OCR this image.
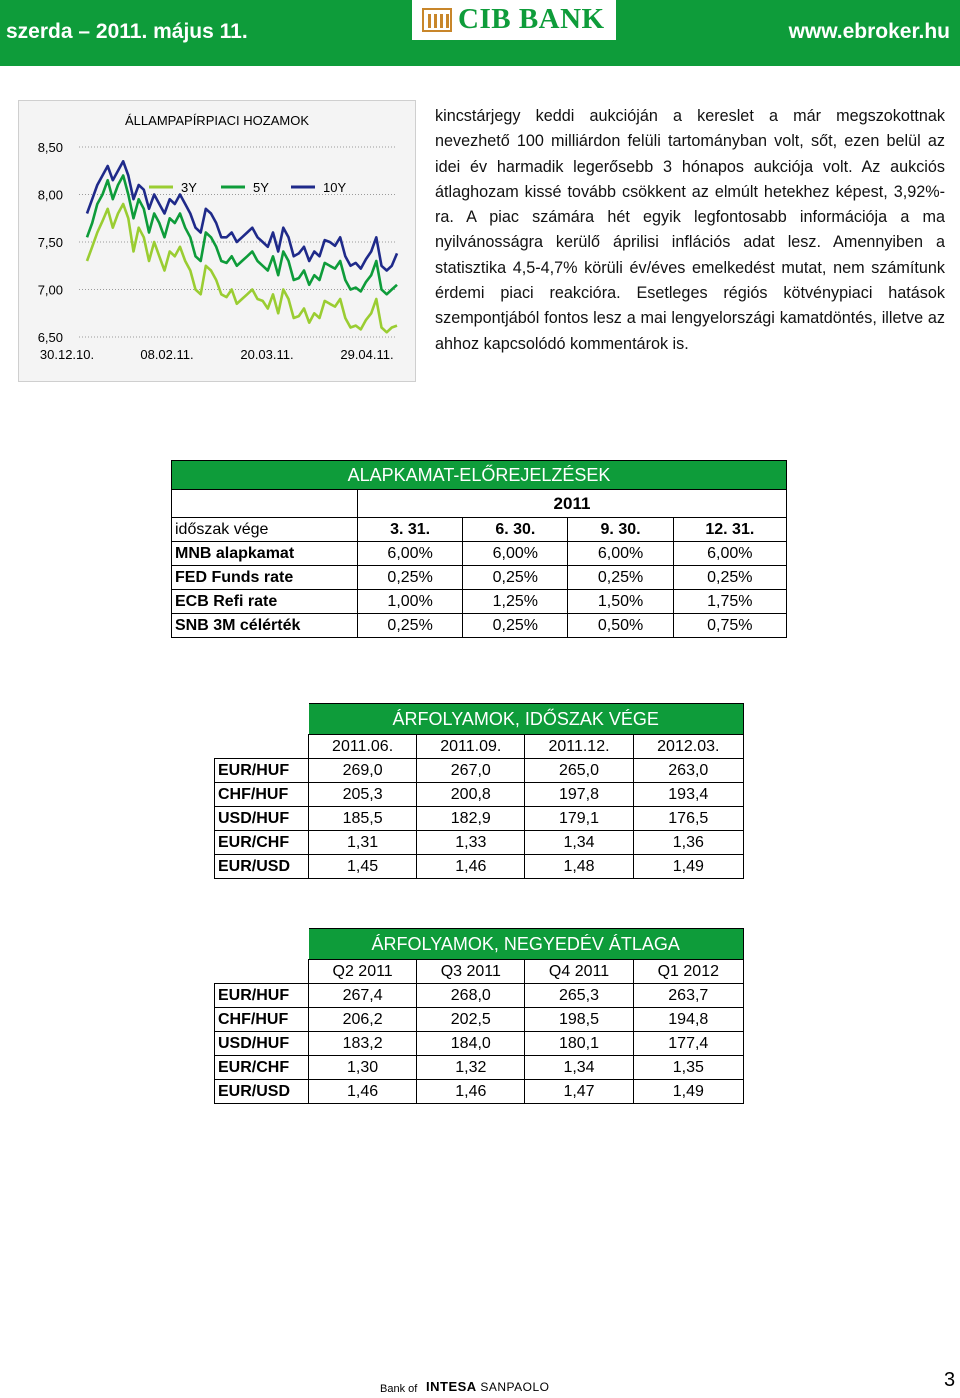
szerda – 2011. május 11.	CIB BANK	www.ebroker.hu
8,50
8,00
7,50
7,00
6,50
30.12.10.	08.02.11.	20.03.11.	29.04.11.
ÁLLAMPAPÍRPIACI HOZAMOK
3Y	5Y	10Y
kincstárjegy keddi aukcióján a kereslet a már megszokottnak nevezhető 100 milliárdon felüli tartományban volt, sőt, ezen belül az idei év harmadik legerősebb 3 hónapos aukciója volt. Az aukciós átlaghozam kissé tovább csökkent az elmúlt hetekhez képest, 3,92%-ra. A piac számára hét egyik legfontosabb információja a ma nyilvánosságra kerülő áprilisi inflációs adat lesz. Amennyiben a statisztika 4,5-4,7% körüli év/éves emelkedést mutat, nem számítunk érdemi piaci reakcióra. Esetleges régiós kötvénypiaci hatások szempontjából fontos lesz a mai lengyelországi kamatdöntés, illetve az ahhoz kapcsolódó kommentárok is.
ALAPKAMAT-ELŐREJELZÉSEK				
	2011			
időszak vége	3. 31.	6. 30.	9. 30.	12. 31.
MNB alapkamat	6,00%	6,00%	6,00%	6,00%
FED Funds rate	0,25%	0,25%	0,25%	0,25%
ECB Refi rate	1,00%	1,25%	1,50%	1,75%
SNB 3M célérték	0,25%	0,25%	0,50%	0,75%
	ÁRFOLYAMOK, IDŐSZAK VÉGE			
	2011.06.	2011.09.	2011.12.	2012.03.
EUR/HUF	269,0	267,0	265,0	263,0
CHF/HUF	205,3	200,8	197,8	193,4
USD/HUF	185,5	182,9	179,1	176,5
EUR/CHF	1,31	1,33	1,34	1,36
EUR/USD	1,45	1,46	1,48	1,49
	ÁRFOLYAMOK, NEGYEDÉV ÁTLAGA			
	Q2 2011	Q3 2011	Q4 2011	Q1 2012
EUR/HUF	267,4	268,0	265,3	263,7
CHF/HUF	206,2	202,5	198,5	194,8
USD/HUF	183,2	184,0	180,1	177,4
EUR/CHF	1,30	1,32	1,34	1,35
EUR/USD	1,46	1,46	1,47	1,49
Bank of INTESA SANPAOLO	3
